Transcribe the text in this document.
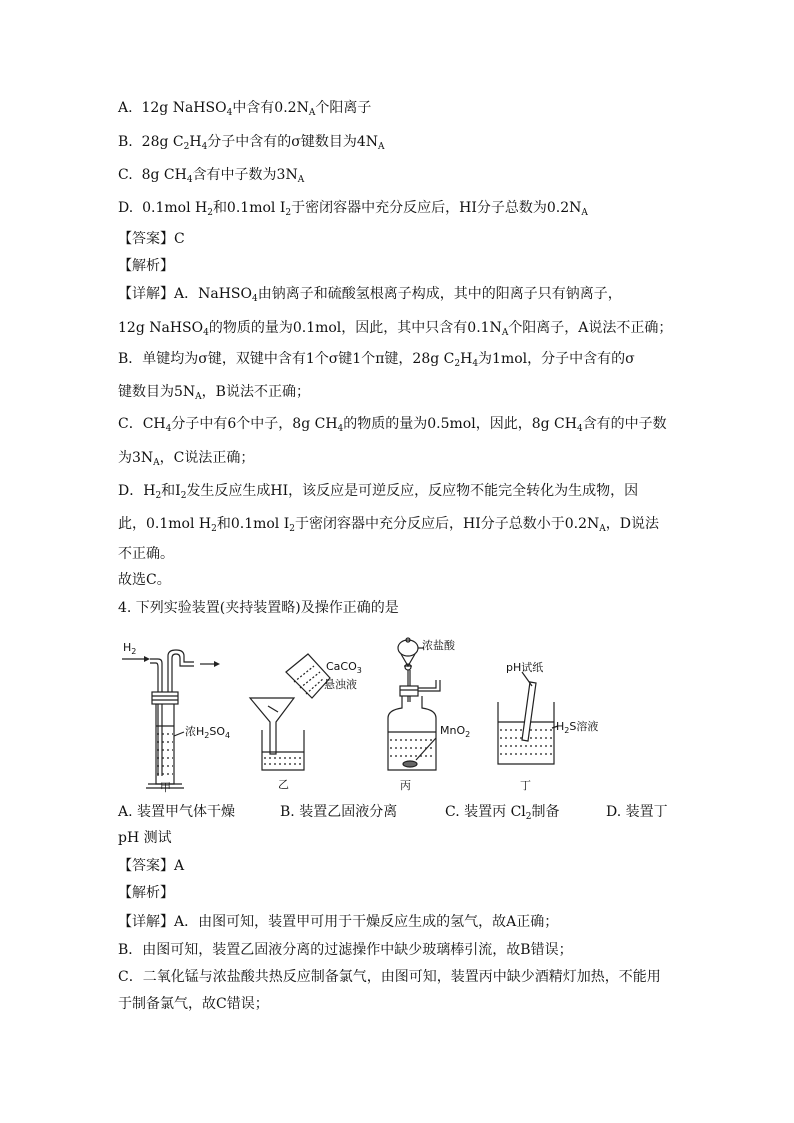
A. 12g NaHSO$_4$中含有$0.2N_A$个阳离子
B. 28g $C_2H_4$分子中含有的σ键数目为$4N_A$
C. 8g $CH_4$含有中子数为$3N_A$
D. 0.1mol $H_2$和0.1mol $I_2$于密闭容器中充分反应后，HI分子总数为$0.2N_A$
【答案】C
【解析】
【详解】A．NaHSO$_4$由钠离子和硫酸氢根离子构成，其中的阳离子只有钠离子，
12g NaHSO$_4$的物质的量为0.1mol，因此，其中只含有$0.1N_A$个阳离子，A说法不正确；
B．单键均为σ键，双键中含有1个σ键1个π键，28g $C_2H_4$为1mol，分子中含有的σ
键数目为$5N_A$，B说法不正确；
C．$CH_4$分子中有6个中子，8g $CH_4$的物质的量为0.5mol，因此，8g $CH_4$含有的中子数
为$3N_A$，C说法正确；
D．$H_2$和$I_2$发生反应生成HI，该反应是可逆反应，反应物不能完全转化为生成物，因
此，0.1mol $H_2$和0.1mol $I_2$于密闭容器中充分反应后，HI分子总数小于$0.2N_A$，D说法
不正确。
故选C。
4. 下列实验装置(夹持装置略)及操作正确的是
$H_2$
浓$H_2SO_4$
甲
CaCO$_3$
悬浊液
乙
浓盐酸
MnO$_2$
丙
pH试纸
$H_2S$溶液
丁
A. 装置甲气体干燥	B. 装置乙固液分离	C. 装置丙 $Cl_2$制备	D. 装置丁
pH 测试
【答案】A
【解析】
【详解】A．由图可知，装置甲可用于干燥反应生成的氢气，故A正确；
B．由图可知，装置乙固液分离的过滤操作中缺少玻璃棒引流，故B错误；
C．二氧化锰与浓盐酸共热反应制备氯气，由图可知，装置丙中缺少酒精灯加热，不能用
于制备氯气，故C错误；
